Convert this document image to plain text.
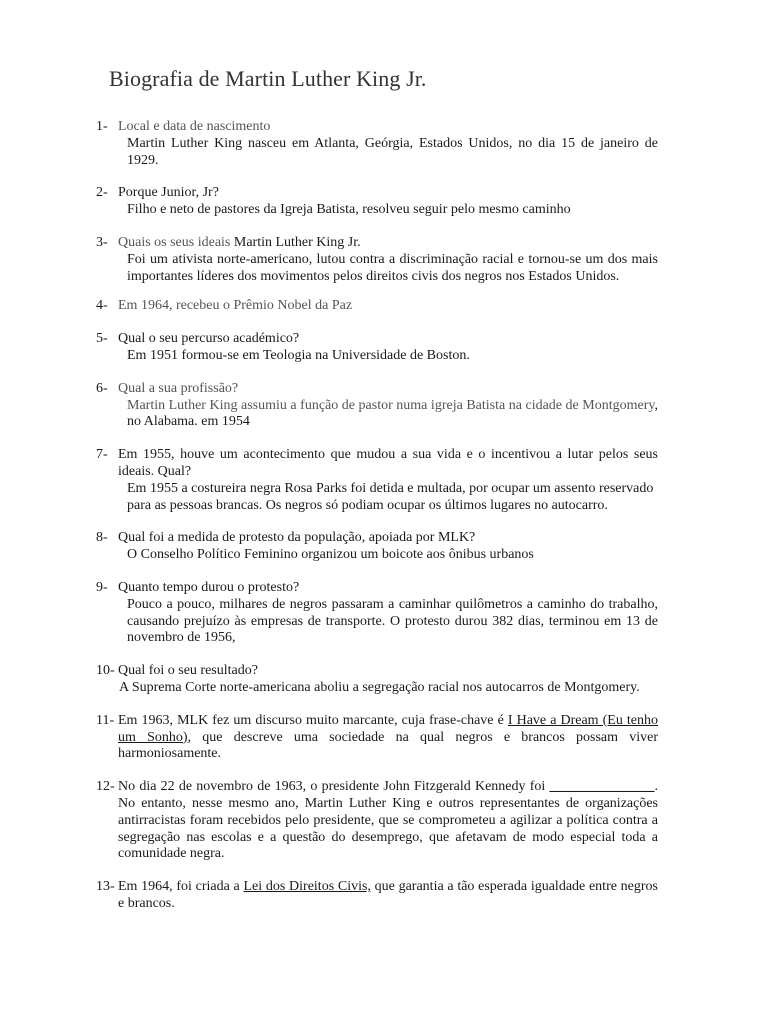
Biografia de Martin Luther King Jr.
1- Local e data de nascimento
Martin Luther King nasceu em Atlanta, Geórgia, Estados Unidos, no dia 15 de janeiro de 1929.
2- Porque Junior, Jr?
Filho e neto de pastores da Igreja Batista, resolveu seguir pelo mesmo caminho
3- Quais os seus ideais Martin Luther King Jr.
Foi um ativista norte-americano, lutou contra a discriminação racial e tornou-se um dos mais importantes líderes dos movimentos pelos direitos civis dos negros nos Estados Unidos.
4- Em 1964, recebeu o Prêmio Nobel da Paz
5- Qual o seu percurso académico?
Em 1951 formou-se em Teologia na Universidade de Boston.
6- Qual a sua profissão?
Martin Luther King assumiu a função de pastor numa igreja Batista na cidade de Montgomery, no Alabama. em 1954
7- Em 1955, houve um acontecimento que mudou a sua vida e o incentivou a lutar pelos seus ideais. Qual?
Em 1955 a costureira negra Rosa Parks foi detida e multada, por ocupar um assento reservado para as pessoas brancas. Os negros só podiam ocupar os últimos lugares no autocarro.
8- Qual foi a medida de protesto da população, apoiada por MLK?
O Conselho Político Feminino organizou um boicote aos ônibus urbanos
9- Quanto tempo durou o protesto?
Pouco a pouco, milhares de negros passaram a caminhar quilômetros a caminho do trabalho, causando prejuízo às empresas de transporte. O protesto durou 382 dias, terminou em 13 de novembro de 1956,
10- Qual foi o seu resultado?
A Suprema Corte norte-americana aboliu a segregação racial nos autocarros de Montgomery.
11- Em 1963, MLK fez um discurso muito marcante, cuja frase-chave é I Have a Dream (Eu tenho um Sonho), que descreve uma sociedade na qual negros e brancos possam viver harmoniosamente.
12- No dia 22 de novembro de 1963, o presidente John Fitzgerald Kennedy foi _______________. No entanto, nesse mesmo ano, Martin Luther King e outros representantes de organizações antirracistas foram recebidos pelo presidente, que se comprometeu a agilizar a política contra a segregação nas escolas e a questão do desemprego, que afetavam de modo especial toda a comunidade negra.
13- Em 1964, foi criada a Lei dos Direitos Civis, que garantia a tão esperada igualdade entre negros e brancos.
